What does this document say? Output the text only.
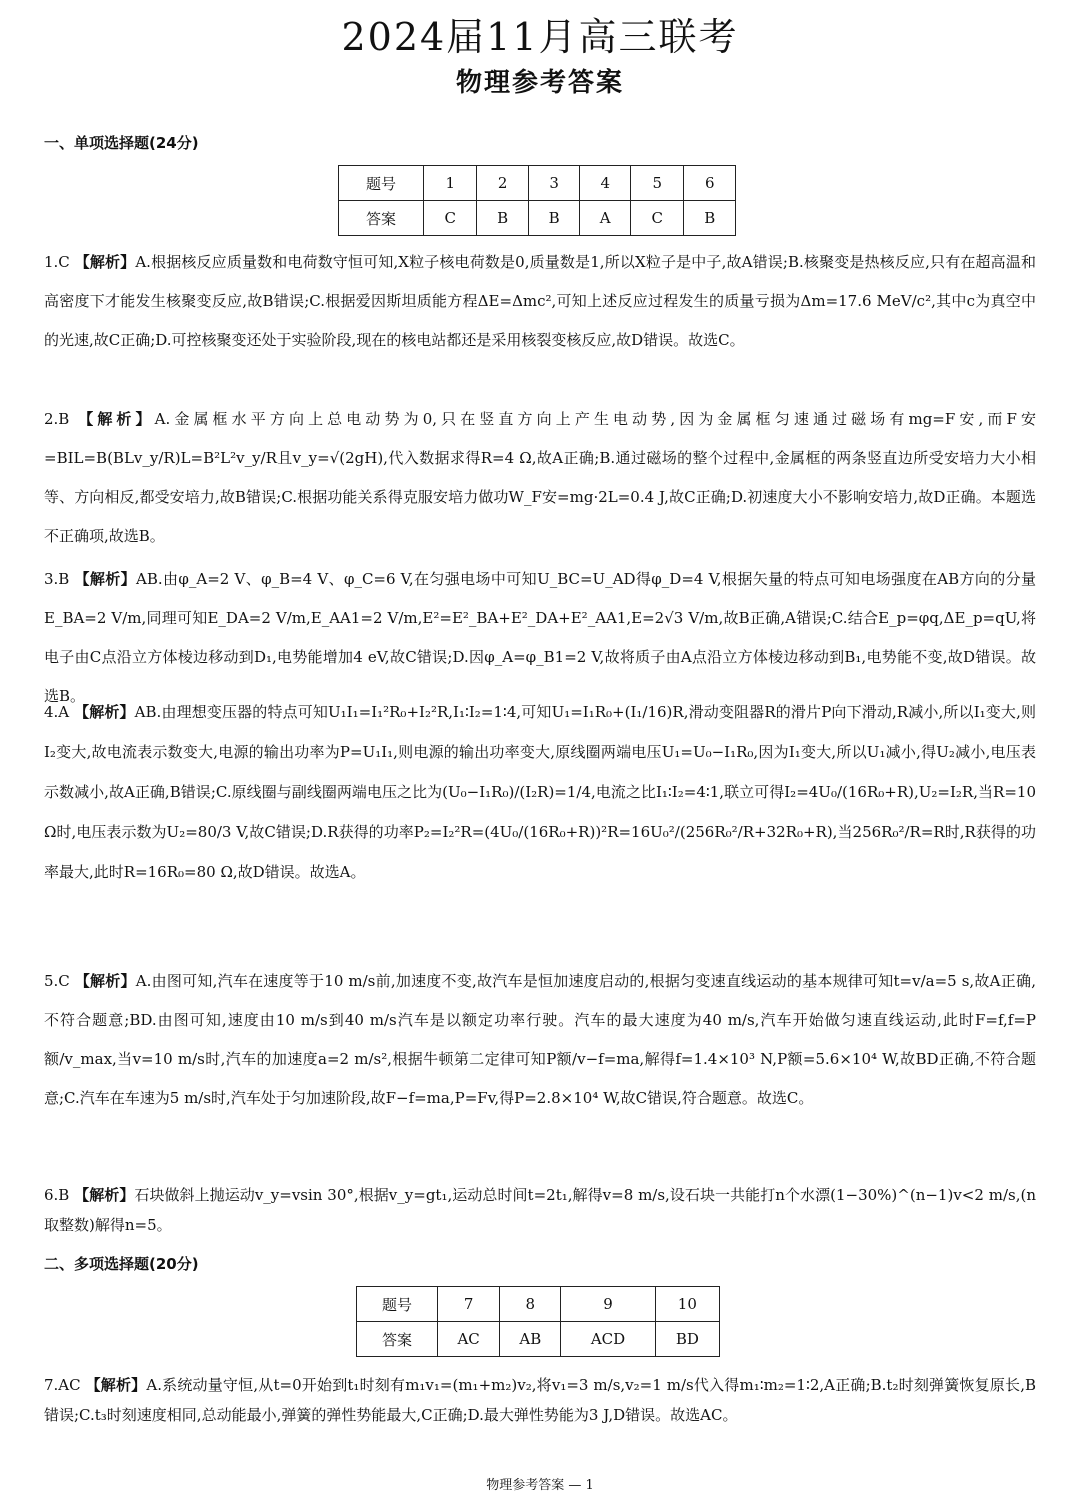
2024届11月高三联考
物理参考答案
一、单项选择题(24分)
题号	1	2	3	4	5	6
答案	C	B	B	A	C	B
1.C 【解析】A.根据核反应质量数和电荷数守恒可知,X粒子核电荷数是0,质量数是1,所以X粒子是中子,故A错误;B.核聚变是热核反应,只有在超高温和高密度下才能发生核聚变反应,故B错误;C.根据爱因斯坦质能方程ΔE=Δmc²,可知上述反应过程发生的质量亏损为Δm=17.6 MeV/c²,其中c为真空中的光速,故C正确;D.可控核聚变还处于实验阶段,现在的核电站都还是采用核裂变核反应,故D错误。故选C。
2.B 【解析】A.金属框水平方向上总电动势为0,只在竖直方向上产生电动势,因为金属框匀速通过磁场有mg=F安,而F安=BIL=B(BLv_y/R)L=B²L²v_y/R且v_y=√(2gH),代入数据求得R=4 Ω,故A正确;B.通过磁场的整个过程中,金属框的两条竖直边所受安培力大小相等、方向相反,都受安培力,故B错误;C.根据功能关系得克服安培力做功W_F安=mg·2L=0.4 J,故C正确;D.初速度大小不影响安培力,故D正确。本题选不正确项,故选B。
3.B 【解析】AB.由φ_A=2 V、φ_B=4 V、φ_C=6 V,在匀强电场中可知U_BC=U_AD得φ_D=4 V,根据矢量的特点可知电场强度在AB方向的分量E_BA=2 V/m,同理可知E_DA=2 V/m,E_AA1=2 V/m,E²=E²_BA+E²_DA+E²_AA1,E=2√3 V/m,故B正确,A错误;C.结合E_p=φq,ΔE_p=qU,将电子由C点沿立方体棱边移动到D₁,电势能增加4 eV,故C错误;D.因φ_A=φ_B1=2 V,故将质子由A点沿立方体棱边移动到B₁,电势能不变,故D错误。故选B。
4.A 【解析】AB.由理想变压器的特点可知U₁I₁=I₁²R₀+I₂²R,I₁∶I₂=1∶4,可知U₁=I₁R₀+(I₁/16)R,滑动变阻器R的滑片P向下滑动,R减小,所以I₁变大,则I₂变大,故电流表示数变大,电源的输出功率为P=U₁I₁,则电源的输出功率变大,原线圈两端电压U₁=U₀−I₁R₀,因为I₁变大,所以U₁减小,得U₂减小,电压表示数减小,故A正确,B错误;C.原线圈与副线圈两端电压之比为(U₀−I₁R₀)/(I₂R)=1/4,电流之比I₁∶I₂=4∶1,联立可得I₂=4U₀/(16R₀+R),U₂=I₂R,当R=10 Ω时,电压表示数为U₂=80/3 V,故C错误;D.R获得的功率P₂=I₂²R=(4U₀/(16R₀+R))²R=16U₀²/(256R₀²/R+32R₀+R),当256R₀²/R=R时,R获得的功率最大,此时R=16R₀=80 Ω,故D错误。故选A。
5.C 【解析】A.由图可知,汽车在速度等于10 m/s前,加速度不变,故汽车是恒加速度启动的,根据匀变速直线运动的基本规律可知t=v/a=5 s,故A正确,不符合题意;BD.由图可知,速度由10 m/s到40 m/s汽车是以额定功率行驶。汽车的最大速度为40 m/s,汽车开始做匀速直线运动,此时F=f,f=P额/v_max,当v=10 m/s时,汽车的加速度a=2 m/s²,根据牛顿第二定律可知P额/v−f=ma,解得f=1.4×10³ N,P额=5.6×10⁴ W,故BD正确,不符合题意;C.汽车在车速为5 m/s时,汽车处于匀加速阶段,故F−f=ma,P=Fv,得P=2.8×10⁴ W,故C错误,符合题意。故选C。
6.B 【解析】石块做斜上抛运动v_y=vsin 30°,根据v_y=gt₁,运动总时间t=2t₁,解得v=8 m/s,设石块一共能打n个水漂(1−30%)^(n−1)v<2 m/s,(n取整数)解得n=5。
二、多项选择题(20分)
题号	7	8	9	10
答案	AC	AB	ACD	BD
7.AC 【解析】A.系统动量守恒,从t=0开始到t₁时刻有m₁v₁=(m₁+m₂)v₂,将v₁=3 m/s,v₂=1 m/s代入得m₁∶m₂=1∶2,A正确;B.t₂时刻弹簧恢复原长,B错误;C.t₃时刻速度相同,总动能最小,弹簧的弹性势能最大,C正确;D.最大弹性势能为3 J,D错误。故选AC。
物理参考答案 — 1
